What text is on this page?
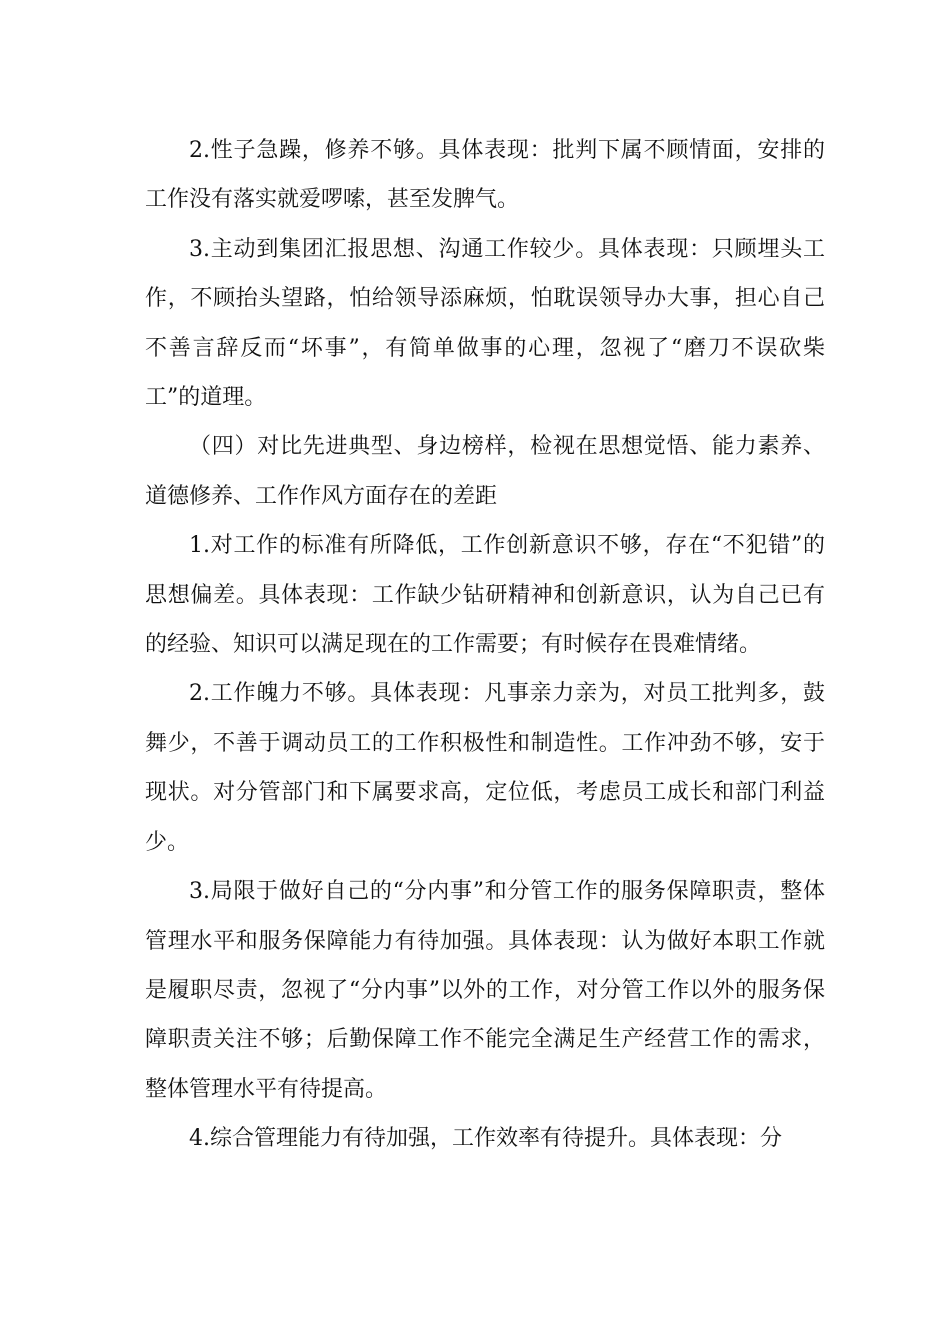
2.性子急躁，修养不够。具体表现：批判下属不顾情面，安排的工作没有落实就爱啰嗦，甚至发脾气。

3.主动到集团汇报思想、沟通工作较少。具体表现：只顾埋头工作，不顾抬头望路，怕给领导添麻烦，怕耽误领导办大事，担心自己不善言辞反而“坏事”，有简单做事的心理，忽视了“磨刀不误砍柴工”的道理。

（四）对比先进典型、身边榜样，检视在思想觉悟、能力素养、道德修养、工作作风方面存在的差距

1.对工作的标准有所降低，工作创新意识不够，存在“不犯错”的思想偏差。具体表现：工作缺少钻研精神和创新意识，认为自己已有的经验、知识可以满足现在的工作需要；有时候存在畏难情绪。

2.工作魄力不够。具体表现：凡事亲力亲为，对员工批判多，鼓舞少，不善于调动员工的工作积极性和制造性。工作冲劲不够，安于现状。对分管部门和下属要求高，定位低，考虑员工成长和部门利益少。

3.局限于做好自己的“分内事”和分管工作的服务保障职责，整体管理水平和服务保障能力有待加强。具体表现：认为做好本职工作就是履职尽责，忽视了“分内事”以外的工作，对分管工作以外的服务保障职责关注不够；后勤保障工作不能完全满足生产经营工作的需求，整体管理水平有待提高。

4.综合管理能力有待加强，工作效率有待提升。具体表现：分
